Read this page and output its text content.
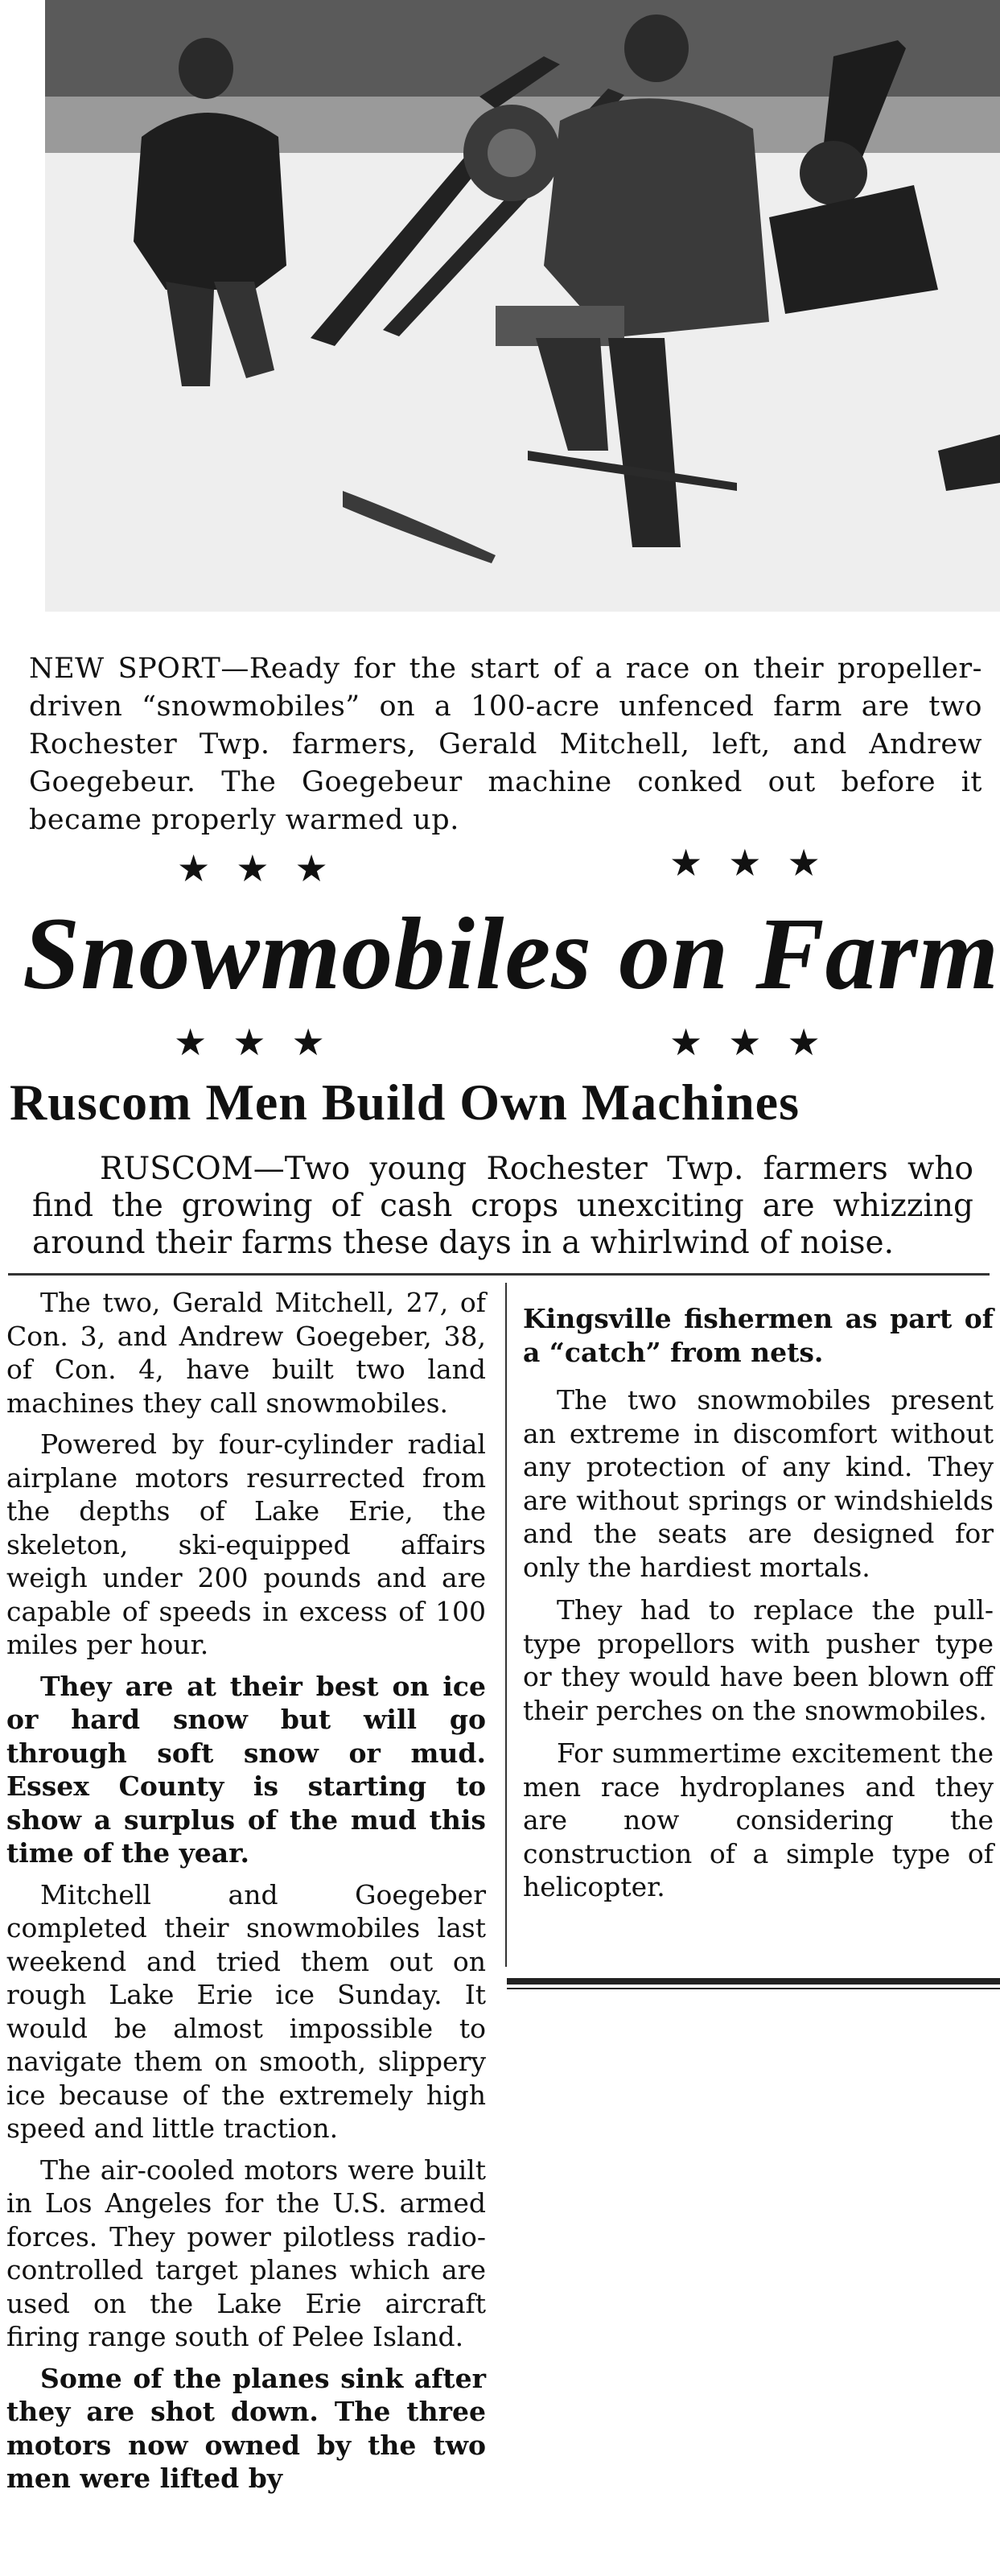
NEW SPORT—Ready for the start of a race on their propeller-driven “snowmobiles” on a 100-acre unfenced farm are two Rochester Twp. farmers, Gerald Mitchell, left, and Andrew Goegebeur. The Goegebeur machine conked out before it became properly warmed up.
★★★	★★★
Snowmobiles on Farm
★★★	★★★
Ruscom Men Build Own Machines

RUSCOM—Two young Rochester Twp. farmers who find the growing of cash crops unexciting are whizzing around their farms these days in a whirlwind of noise.

The two, Gerald Mitchell, 27, of Con. 3, and Andrew Goegeber, 38, of Con. 4, have built two land machines they call snowmobiles.

Powered by four-cylinder radial airplane motors resurrected from the depths of Lake Erie, the skeleton, ski-equipped affairs weigh under 200 pounds and are capable of speeds in excess of 100 miles per hour.

They are at their best on ice or hard snow but will go through soft snow or mud. Essex County is starting to show a surplus of the mud this time of the year.

Mitchell and Goegeber completed their snowmobiles last weekend and tried them out on rough Lake Erie ice Sunday. It would be almost impossible to navigate them on smooth, slippery ice because of the extremely high speed and little traction.

The air-cooled motors were built in Los Angeles for the U.S. armed forces. They power pilotless radio-controlled target planes which are used on the Lake Erie aircraft firing range south of Pelee Island.

Some of the planes sink after they are shot down. The three motors now owned by the two men were lifted by

Kingsville fishermen as part of a “catch” from nets.

The two snowmobiles present an extreme in discomfort without any protection of any kind. They are without springs or windshields and the seats are designed for only the hardiest mortals.

They had to replace the pull-type propellors with pusher type or they would have been blown off their perches on the snowmobiles.

For summertime excitement the men race hydroplanes and they are now considering the construction of a simple type of helicopter.
